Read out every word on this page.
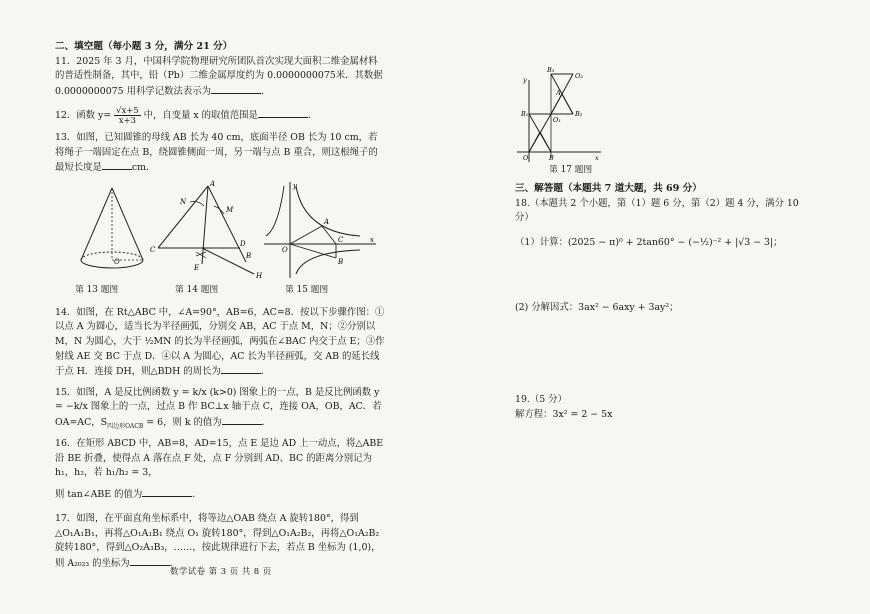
二、填空题（每小题 3 分，满分 21 分）

11．2025 年 3 月，中国科学院物理研究所团队首次实现大面积二维金属材料的普适性制备，其中，铅（Pb）二维金属厚度约为 0.0000000075米．其数据 0.0000000075 用科学记数法表示为	．

12．函数 $y= \frac{√x+5}{x+3}$ 中，自变量 x 的取值范围是	．

13．如图，已知圆锥的母线 AB 长为 40 cm，底面半径 OB 长为 10 cm，若将绳子一端固定在点 B，绕圆锥侧面一周，另一端与点 B 重合，则这根绳子的最短长度是	cm．

O
第 13 题图
A
N
M
C
E
D
B
H
第 14 题图
y
A
x
O
C
B
第 15 题图

14．如图，在 Rt△ABC 中，∠A=90°，AB=6，AC=8．按以下步骤作图：①以点 A 为圆心，适当长为半径画弧，分别交 AB，AC 于点 M，N；②分别以 M，N 为圆心，大于 ½MN 的长为半径画弧，两弧在∠BAC 内交于点 E；③作射线 AE 交 BC 于点 D．④以 A 为圆心，AC 长为半径画弧，交 AB 的延长线于点 H．连接 DH，则△BDH 的周长为	．

15．如图，A 是反比例函数 y = k/x (k>0) 图象上的一点，B 是反比例函数 y = −k/x 图象上的一点，过点 B 作 BC⊥x 轴于点 C，连接 OA，OB，AC．若 OA=AC，$S_{四边形OACB} = 6$，则 k 的值为	．

16．在矩形 ABCD 中，AB=8，AD=15，点 E 是边 AD 上一动点，将△ABE 沿 BE 折叠，使得点 A 落在点 F 处，点 F 分别到 AD、BC 的距离分别记为 h₁，h₂，若 h₁/h₂ = 3，

则 tan∠ABE 的值为	．

17．如图，在平面直角坐标系中，将等边△OAB 绕点 A 旋转180°，得到△O₁A₁B₁，再将△O₁A₁B₁ 绕点 O₁ 旋转180°，得到△O₁A₂B₂，再将△O₁A₂B₂ 旋转180°，得到△O₂A₃B₃，……，按此规律进行下去，若点 B 坐标为 (1,0)，则 A₂₀₂₃ 的坐标为	．

数学试卷 第 3 页 共 8 页
B₃
O₂
A₁
y
B₁
O₁
B₂
O	B	x
第 17 题图
三、解答题（本题共 7 道大题，共 69 分）

18.（本题共 2 个小题，第（1）题 6 分，第（2）题 4 分，满分 10 分）

（1）计算：(2025 − π)⁰ + 2tan60° − (−½)⁻² + |√3 − 3|；

(2) 分解因式：3ax² − 6axy + 3ay²；

19.（5 分）

解方程：3x² = 2 − 5x
